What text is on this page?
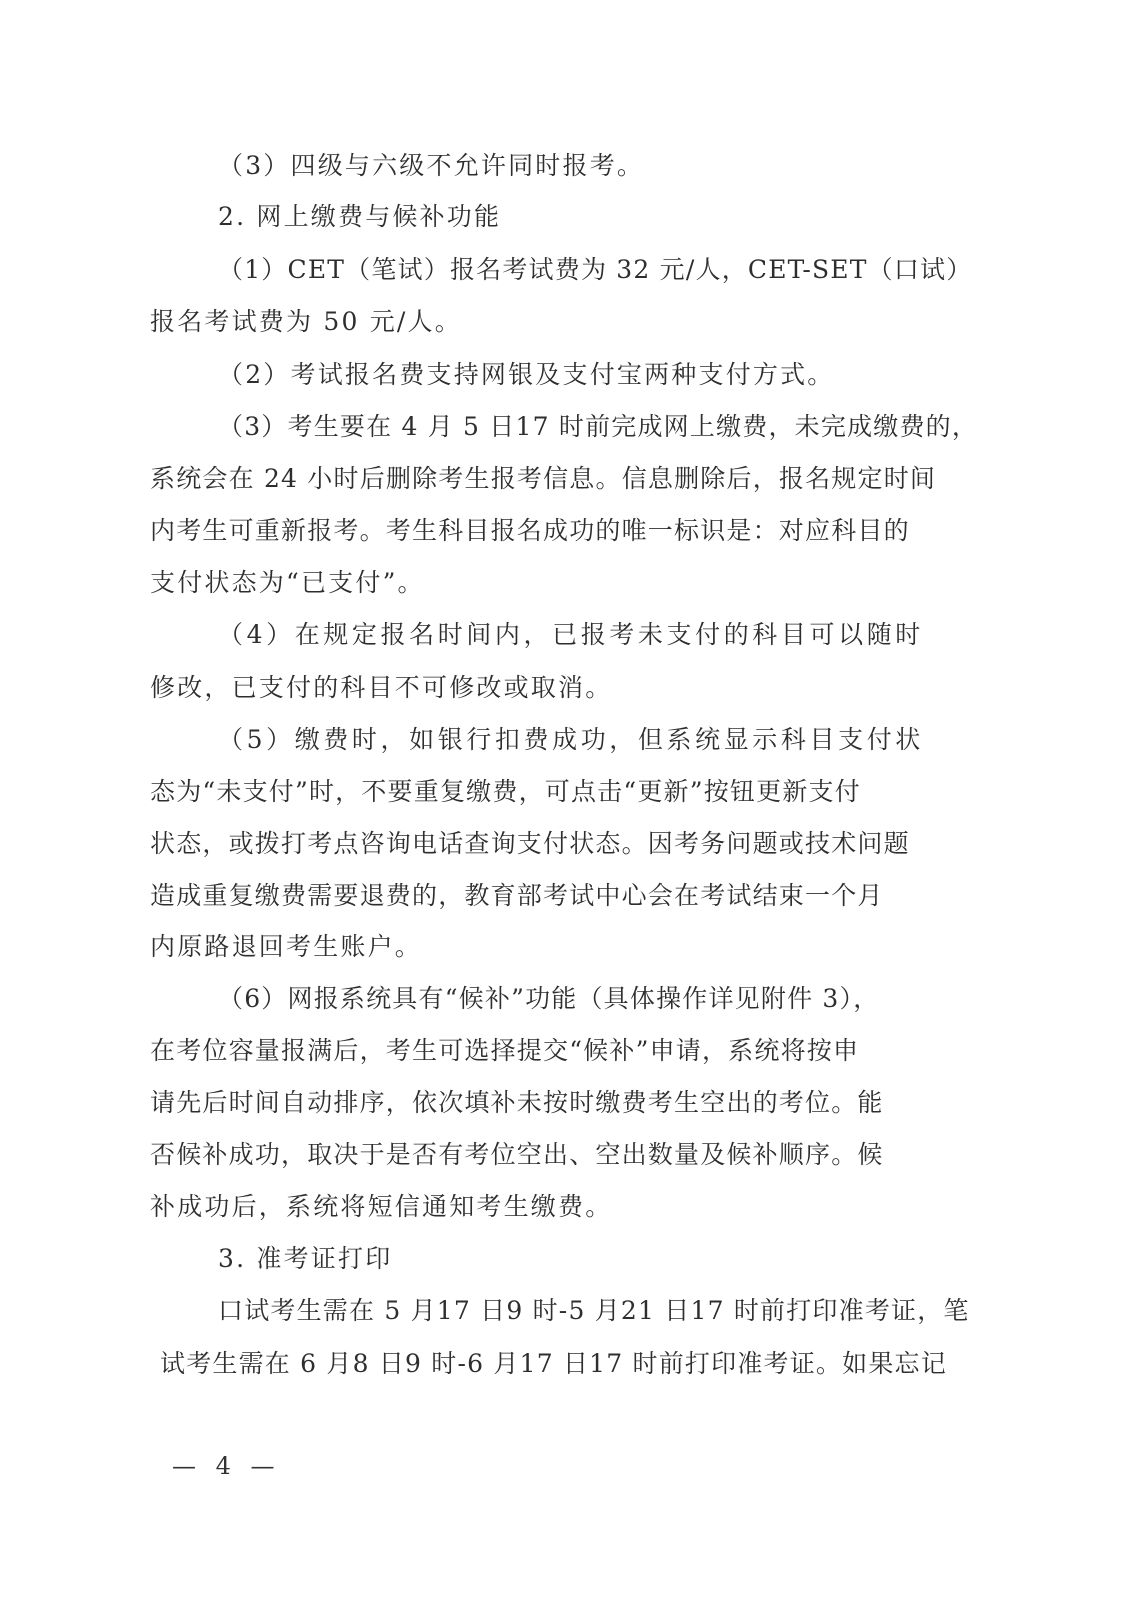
（3）四级与六级不允许同时报考。
2. 网上缴费与候补功能
（1）CET（笔试）报名考试费为 32 元/人，CET-SET（口试）
报名考试费为 50 元/人。
（2）考试报名费支持网银及支付宝两种支付方式。
（3）考生要在 4 月 5 日17 时前完成网上缴费，未完成缴费的，
系统会在 24 小时后删除考生报考信息。信息删除后，报名规定时间
内考生可重新报考。考生科目报名成功的唯一标识是：对应科目的
支付状态为“已支付”。
（4）在规定报名时间内，已报考未支付的科目可以随时
修改，已支付的科目不可修改或取消。
（5）缴费时，如银行扣费成功，但系统显示科目支付状
态为“未支付”时，不要重复缴费，可点击“更新”按钮更新支付
状态，或拨打考点咨询电话查询支付状态。因考务问题或技术问题
造成重复缴费需要退费的，教育部考试中心会在考试结束一个月
内原路退回考生账户。
（6）网报系统具有“候补”功能（具体操作详见附件 3），
在考位容量报满后，考生可选择提交“候补”申请，系统将按申
请先后时间自动排序，依次填补未按时缴费考生空出的考位。能
否候补成功，取决于是否有考位空出、空出数量及候补顺序。候
补成功后，系统将短信通知考生缴费。
3. 准考证打印
口试考生需在 5 月17 日9 时-5 月21 日17 时前打印准考证，笔
试考生需在 6 月8 日9 时-6 月17 日17 时前打印准考证。如果忘记
— 4 —
